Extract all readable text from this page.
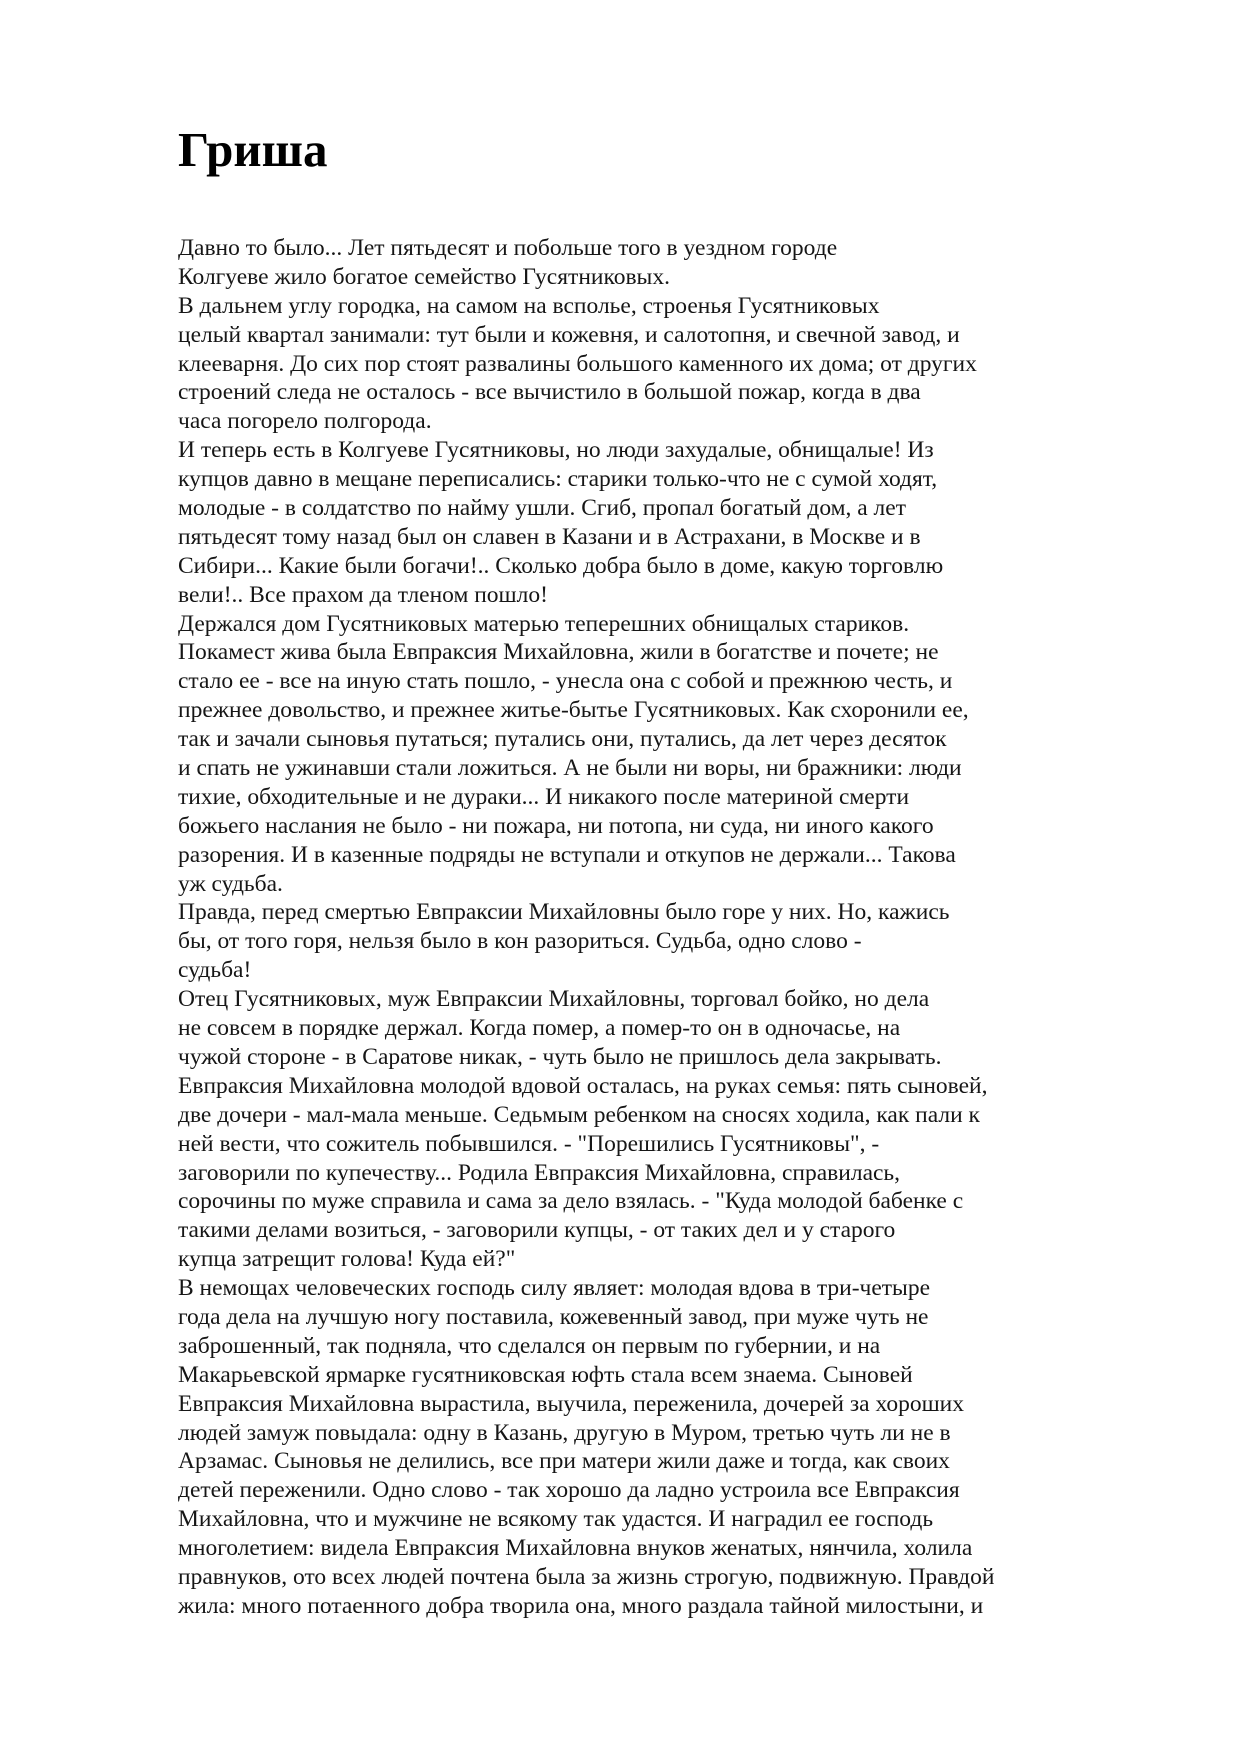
Гриша
Давно то было... Лет пятьдесят и побольше того в уездном городе
Колгуеве жило богатое семейство Гусятниковых.
В дальнем углу городка, на самом на всполье, строенья Гусятниковых
целый квартал занимали: тут были и кожевня, и салотопня, и свечной завод, и
клееварня. До сих пор стоят развалины большого каменного их дома; от других
строений следа не осталось - все вычистило в большой пожар, когда в два
часа погорело полгорода.
И теперь есть в Колгуеве Гусятниковы, но люди захудалые, обнищалые! Из
купцов давно в мещане переписались: старики только-что не с сумой ходят,
молодые - в солдатство по найму ушли. Сгиб, пропал богатый дом, а лет
пятьдесят тому назад был он славен в Казани и в Астрахани, в Москве и в
Сибири... Какие были богачи!.. Сколько добра было в доме, какую торговлю
вели!.. Все прахом да тленом пошло!
Держался дом Гусятниковых матерью теперешних обнищалых стариков.
Покамест жива была Евпраксия Михайловна, жили в богатстве и почете; не
стало ее - все на иную стать пошло, - унесла она с собой и прежнюю честь, и
прежнее довольство, и прежнее житье-бытье Гусятниковых. Как схоронили ее,
так и зачали сыновья путаться; путались они, путались, да лет через десяток
и спать не ужинавши стали ложиться. А не были ни воры, ни бражники: люди
тихие, обходительные и не дураки... И никакого после материной смерти
божьего наслания не было - ни пожара, ни потопа, ни суда, ни иного какого
разорения. И в казенные подряды не вступали и откупов не держали... Такова
уж судьба.
Правда, перед смертью Евпраксии Михайловны было горе у них. Но, кажись
бы, от того горя, нельзя было в кон разориться. Судьба, одно слово -
судьба!
Отец Гусятниковых, муж Евпраксии Михайловны, торговал бойко, но дела
не совсем в порядке держал. Когда помер, а помер-то он в одночасье, на
чужой стороне - в Саратове никак, - чуть было не пришлось дела закрывать.
Евпраксия Михайловна молодой вдовой осталась, на руках семья: пять сыновей,
две дочери - мал-мала меньше. Седьмым ребенком на сносях ходила, как пали к
ней вести, что сожитель побывшился. - "Порешились Гусятниковы", -
заговорили по купечеству... Родила Евпраксия Михайловна, справилась,
сорочины по муже справила и сама за дело взялась. - "Куда молодой бабенке с
такими делами возиться, - заговорили купцы, - от таких дел и у старого
купца затрещит голова! Куда ей?"
В немощах человеческих господь силу являет: молодая вдова в три-четыре
года дела на лучшую ногу поставила, кожевенный завод, при муже чуть не
заброшенный, так подняла, что сделался он первым по губернии, и на
Макарьевской ярмарке гусятниковская юфть стала всем знаема. Сыновей
Евпраксия Михайловна вырастила, выучила, переженила, дочерей за хороших
людей замуж повыдала: одну в Казань, другую в Муром, третью чуть ли не в
Арзамас. Сыновья не делились, все при матери жили даже и тогда, как своих
детей переженили. Одно слово - так хорошо да ладно устроила все Евпраксия
Михайловна, что и мужчине не всякому так удастся. И наградил ее господь
многолетием: видела Евпраксия Михайловна внуков женатых, нянчила, холила
правнуков, ото всех людей почтена была за жизнь строгую, подвижную. Правдой
жила: много потаенного добра творила она, много раздала тайной милостыни, и
